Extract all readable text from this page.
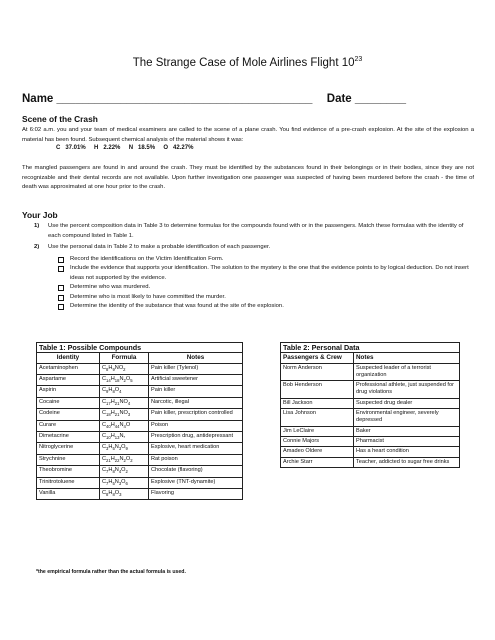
The Strange Case of Mole Airlines Flight $10^{23}$
Name ________________________________________ Date ________
Scene of the Crash
At 6:02 a.m. you and your team of medical examiners are called to the scene of a plane crash. You find evidence of a pre-crash explosion. At the site of the explosion a material has been found. Subsequent chemical analysis of the material shows it was:
C   37.01%     H   2.22%     N   18.5%     O   42.27%
The mangled passengers are found in and around the crash. They must be identified by the substances found in their belongings or in their bodies, since they are not recognizable and their dental records are not available. Upon further investigation one passenger was suspected of having been murdered before the crash - the time of death was approximated at one hour prior to the crash.
Your Job
1)	Use the percent composition data in Table 3 to determine formulas for the compounds found with or in the passengers. Match these formulas with the identity of each compound listed in Table 1.
2)	Use the personal data in Table 2 to make a probable identification of each passenger.
Record the identifications on the Victim Identification Form.
Include the evidence that supports your identification. The solution to the mystery is the one that the evidence points to by logical deduction. Do not insert ideas not supported by the evidence.
Determine who was murdered.
Determine who is most likely to have committed the murder.
Determine the identity of the substance that was found at the site of the explosion.
Table 1: Possible Compounds		
Identity	Formula	Notes
Acetaminophen	$C_8H_9NO_2$	Pain killer (Tylenol)
Aspartame	$C_{14}H_{18}N_2O_5$	Artificial sweetener
Aspirin	$C_9H_8O_4$	Pain killer
Cocaine	$C_{17}H_{21}NO_4$	Narcotic, illegal
Codeine	$C_{18}H_{21}NO_3$	Pain killer, prescription controlled
Curare	$C_{40}H_{44}N_4O$	Poison
Dimetacrine	$C_{10}H_{13}N_*$	Prescription drug, antidepressant
Nitroglycerine	$C_3H_5N_3O_9$	Explosive, heart medication
Strychnine	$C_{21}H_{22}N_2O_2$	Rat poison
Theobromine	$C_7H_8N_4O_2$	Chocolate (flavoring)
Trinitrotoluene	$C_7H_5N_3O_6$	Explosive (TNT-dynamite)
Vanilla	$C_8H_8O_3$	Flavoring
*the empirical formula rather than the actual formula is used.
Table 2: Personal Data	
Passengers & Crew	Notes
Norm Anderson	Suspected leader of a terrorist organization
Bob Henderson	Professional athlete, just suspended for drug violations
Bill Jackson	Suspected drug dealer
Lisa Johnson	Environmental engineer, severely depressed
Jim LeClaire	Baker
Connie Majors	Pharmacist
Amadeo Oldere	Has a heart condition
Archie Starr	Teacher, addicted to sugar free drinks
